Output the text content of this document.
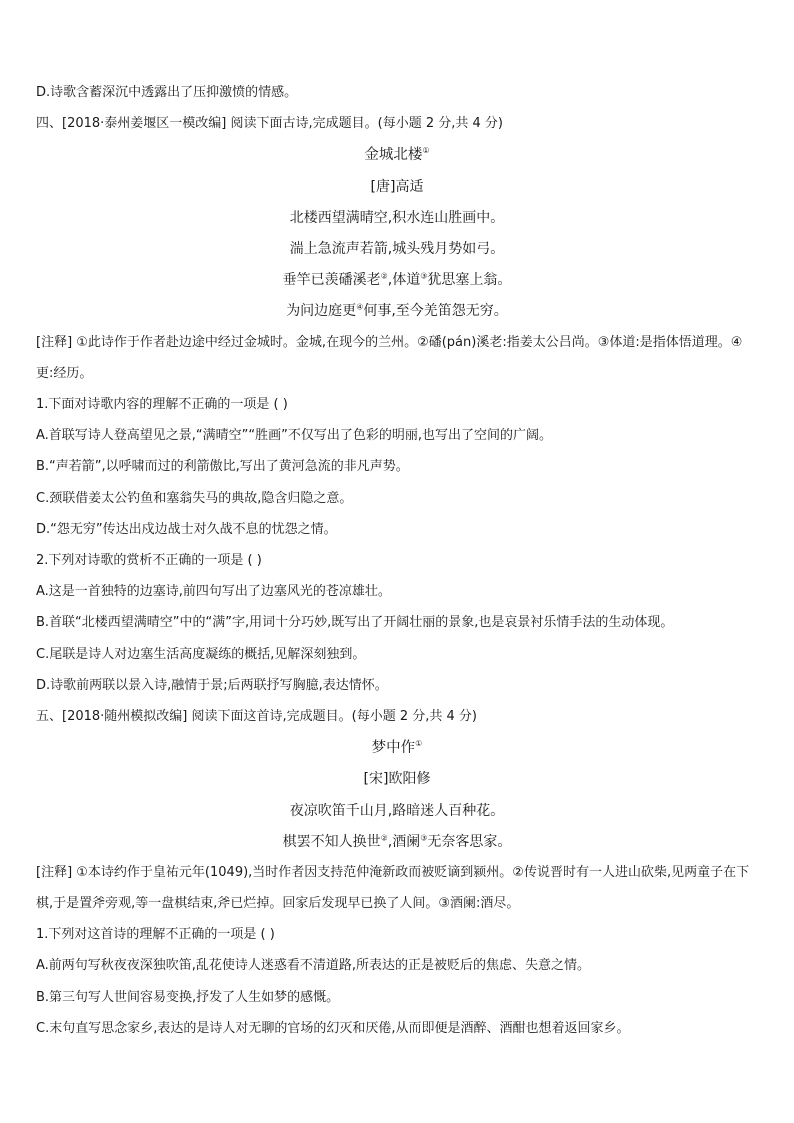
D.诗歌含蓄深沉中透露出了压抑激愤的情感。
四、[2018·泰州姜堰区一模改编] 阅读下面古诗,完成题目。(每小题 2 分,共 4 分)
金城北楼①
[唐]高适
北楼西望满晴空,积水连山胜画中。
湍上急流声若箭,城头残月势如弓。
垂竿已羡磻溪老②,体道③犹思塞上翁。
为问边庭更④何事,至今羌笛怨无穷。
[注释] ①此诗作于作者赴边途中经过金城时。金城,在现今的兰州。②磻(pán)溪老:指姜太公吕尚。③体道:是指体悟道理。④更:经历。
1.下面对诗歌内容的理解不正确的一项是 ( )
A.首联写诗人登高望见之景,“满晴空”“胜画”不仅写出了色彩的明丽,也写出了空间的广阔。
B.“声若箭”,以呼啸而过的利箭傲比,写出了黄河急流的非凡声势。
C.颈联借姜太公钓鱼和塞翁失马的典故,隐含归隐之意。
D.“怨无穷”传达出戍边战士对久战不息的忧怨之情。
2.下列对诗歌的赏析不正确的一项是 ( )
A.这是一首独特的边塞诗,前四句写出了边塞风光的苍凉雄壮。
B.首联“北楼西望满晴空”中的“满”字,用词十分巧妙,既写出了开阔壮丽的景象,也是哀景衬乐情手法的生动体现。
C.尾联是诗人对边塞生活高度凝练的概括,见解深刻独到。
D.诗歌前两联以景入诗,融情于景;后两联抒写胸臆,表达情怀。
五、[2018·随州模拟改编] 阅读下面这首诗,完成题目。(每小题 2 分,共 4 分)
梦中作①
[宋]欧阳修
夜凉吹笛千山月,路暗迷人百种花。
棋罢不知人换世②,酒阑③无奈客思家。
[注释] ①本诗约作于皇祐元年(1049),当时作者因支持范仲淹新政而被贬谪到颍州。②传说晋时有一人进山砍柴,见两童子在下棋,于是置斧旁观,等一盘棋结束,斧已烂掉。回家后发现早已换了人间。③酒阑:酒尽。
1.下列对这首诗的理解不正确的一项是 ( )
A.前两句写秋夜夜深独吹笛,乱花使诗人迷惑看不清道路,所表达的正是被贬后的焦虑、失意之情。
B.第三句写人世间容易变换,抒发了人生如梦的感慨。
C.末句直写思念家乡,表达的是诗人对无聊的官场的幻灭和厌倦,从而即便是酒醉、酒酣也想着返回家乡。
